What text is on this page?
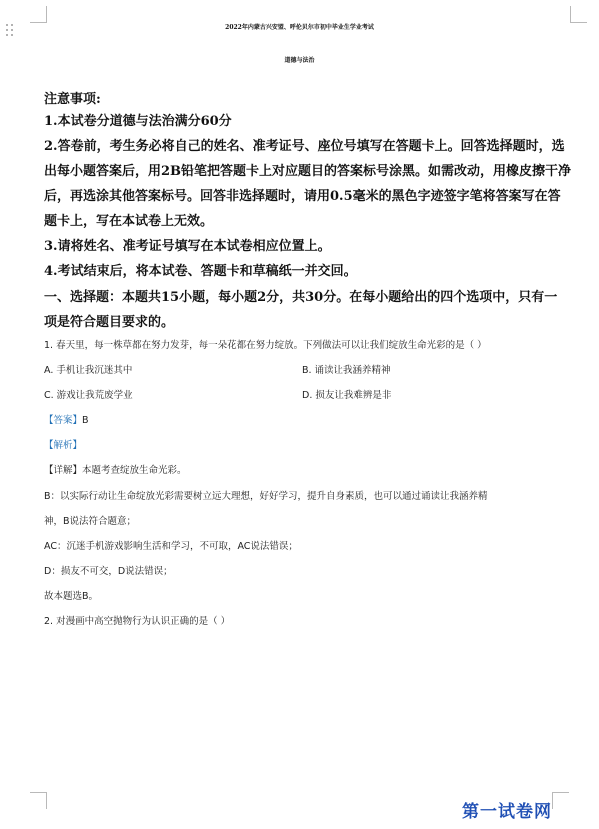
2022年内蒙古兴安盟、呼伦贝尔市初中毕业生学业考试
道德与法治
注意事项:
1.本试卷分道德与法治满分60分
2.答卷前，考生务必将自己的姓名、准考证号、座位号填写在答题卡上。回答选择题时，选
出每小题答案后，用2B铅笔把答题卡上对应题目的答案标号涂黑。如需改动，用橡皮擦干净
后，再选涂其他答案标号。回答非选择题时，请用0.5毫米的黑色字迹签字笔将答案写在答
题卡上，写在本试卷上无效。
3.请将姓名、准考证号填写在本试卷相应位置上。
4.考试结束后，将本试卷、答题卡和草稿纸一并交回。
一、选择题：本题共15小题，每小题2分，共30分。在每小题给出的四个选项中，只有一
项是符合题目要求的。
1. 春天里，每一株草都在努力发芽，每一朵花都在努力绽放。下列做法可以让我们绽放生命光彩的是（ ）
A. 手机让我沉迷其中	B. 诵读让我涵养精神
C. 游戏让我荒废学业	D. 损友让我难辨是非
【答案】B
【解析】
【详解】本题考查绽放生命光彩。
B：以实际行动让生命绽放光彩需要树立远大理想，好好学习，提升自身素质，也可以通过诵读让我涵养精
神，B说法符合题意；
AC：沉迷手机游戏影响生活和学习，不可取，AC说法错误；
D：损友不可交，D说法错误；
故本题选B。
2. 对漫画中高空抛物行为认识正确的是（ ）
第一试卷网
